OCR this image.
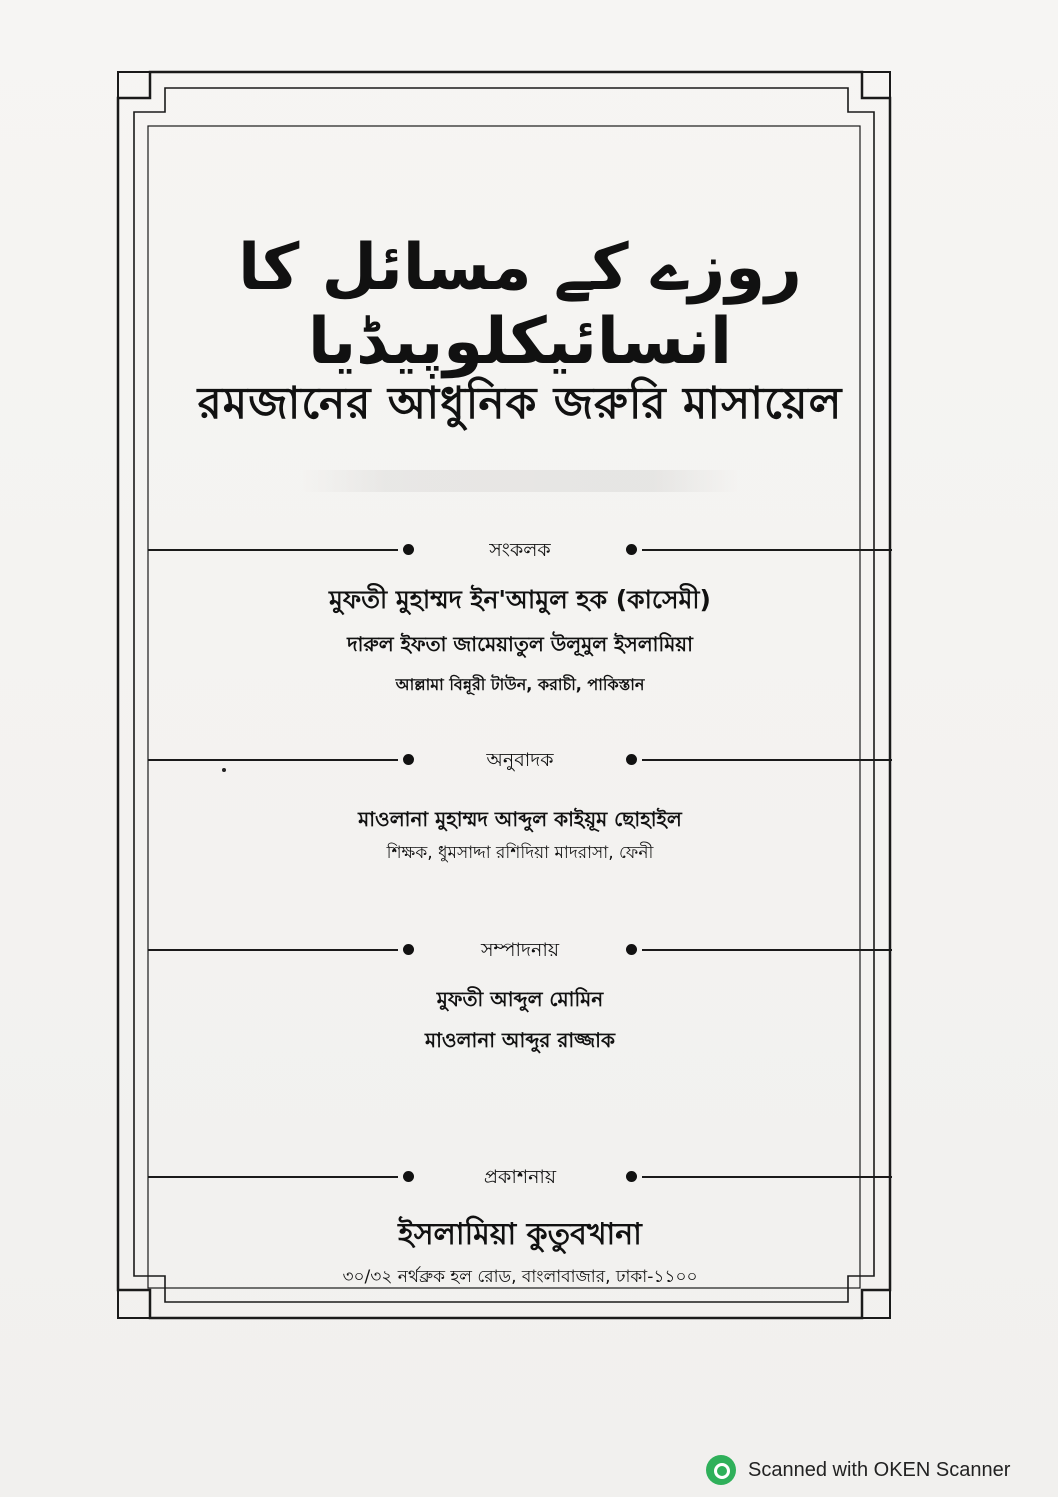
روزے کے مسائل کا انسائیکلوپیڈیا
রমজানের আধুনিক জরুরি মাসায়েল
সংকলক
মুফতী মুহাম্মদ ইন'আমুল হক (কাসেমী)
দারুল ইফতা জামেয়াতুল উলূমুল ইসলামিয়া
আল্লামা বিন্নূরী টাউন, করাচী, পাকিস্তান
অনুবাদক
মাওলানা মুহাম্মদ আব্দুল কাইয়ূম ছোহাইল
শিক্ষক, ধুমসাদ্দা রশিদিয়া মাদরাসা, ফেনী
সম্পাদনায়
মুফতী আব্দুল মোমিন
মাওলানা আব্দুর রাজ্জাক
প্রকাশনায়
ইসলামিয়া কুতুবখানা
৩০/৩২ নর্থব্রুক হল রোড, বাংলাবাজার, ঢাকা-১১০০
Scanned with OKEN Scanner
